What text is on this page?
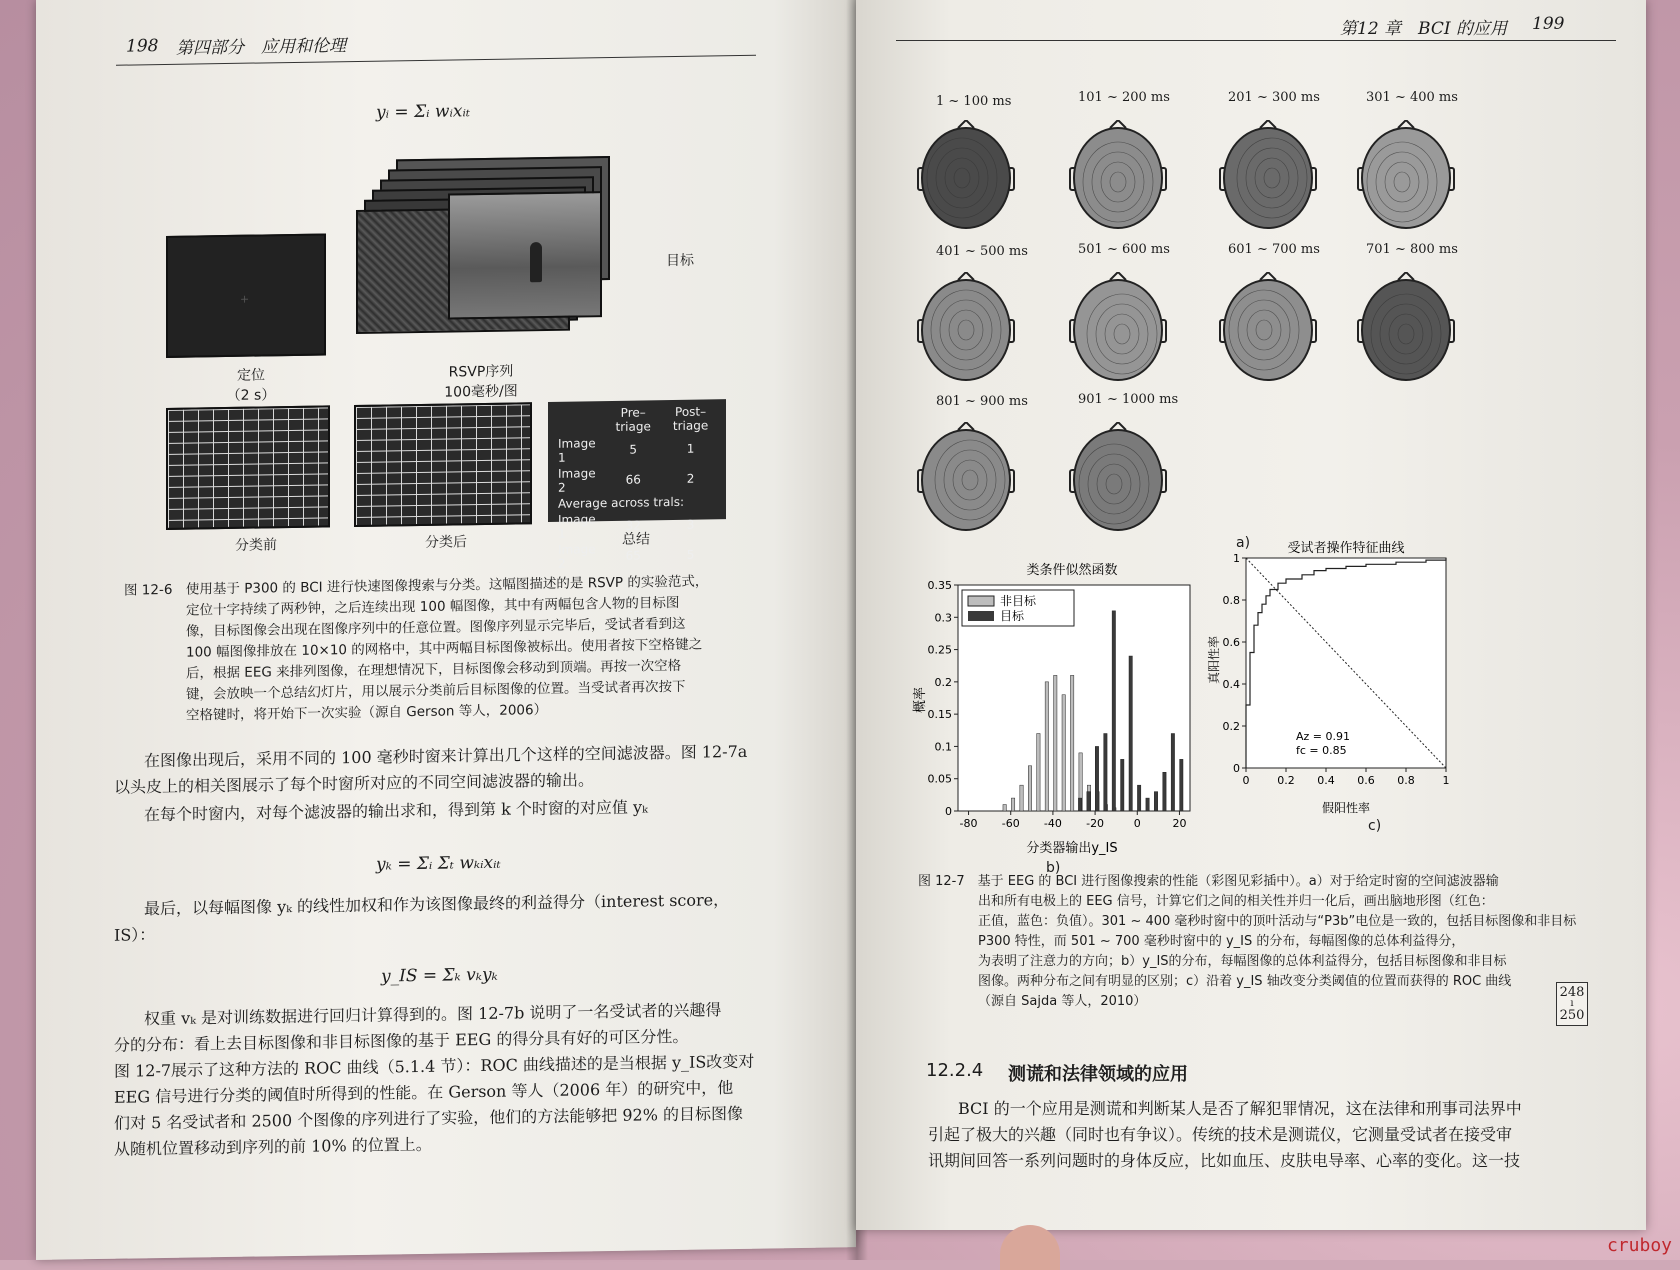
198 第四部分　应用和伦理
yᵢ = Σᵢ wᵢxᵢₜ
+
目标
定位
（2 s）
RSVP序列
100毫秒/图
	Pre–triage	Post–triage
Image 1	5	1
Image 2	66	2
Average across trals:		
Image 1	32	3
Image 2	65	5
分类前	分类后	总结
图 12-6　使用基于 P300 的 BCI 进行快速图像搜索与分类。这幅图描述的是 RSVP 的实验范式，
定位十字持续了两秒钟，之后连续出现 100 幅图像，其中有两幅包含人物的目标图
像，目标图像会出现在图像序列中的任意位置。图像序列显示完毕后，受试者看到这
100 幅图像排放在 10×10 的网格中，其中两幅目标图像被标出。使用者按下空格键之
后，根据 EEG 来排列图像，在理想情况下，目标图像会移动到顶端。再按一次空格
键，会放映一个总结幻灯片，用以展示分类前后目标图像的位置。当受试者再次按下
空格键时，将开始下一次实验（源自 Gerson 等人，2006）
在图像出现后，采用不同的 100 毫秒时窗来计算出几个这样的空间滤波器。图 12-7a
以头皮上的相关图展示了每个时窗所对应的不同空间滤波器的输出。
在每个时窗内，对每个滤波器的输出求和，得到第 k 个时窗的对应值 yₖ
yₖ = Σᵢ Σₜ wₖᵢxᵢₜ
最后，以每幅图像 yₖ 的线性加权和作为该图像最终的利益得分（interest score，
IS）：
y_IS = Σₖ vₖyₖ
权重 vₖ 是对训练数据进行回归计算得到的。图 12-7b 说明了一名受试者的兴趣得
分的分布：看上去目标图像和非目标图像的基于 EEG 的得分具有好的可区分性。
图 12-7展示了这种方法的 ROC 曲线（5.1.4 节）：ROC 曲线描述的是当根据 y_IS改变对
EEG 信号进行分类的阈值时所得到的性能。在 Gerson 等人（2006 年）的研究中，他
们对 5 名受试者和 2500 个图像的序列进行了实验，他们的方法能够把 92% 的目标图像
从随机位置移动到序列的前 10% 的位置上。
第12 章　BCI 的应用 199
1 ~ 100 ms	101 ~ 200 ms	201 ~ 300 ms	301 ~ 400 ms
401 ~ 500 ms	501 ~ 600 ms	601 ~ 700 ms	701 ~ 800 ms
801 ~ 900 ms	901 ~ 1000 ms
a)
类条件似然函数
0
0.05
0.1
0.15
0.2
0.25
0.3
0.35
-80 -60 -40 -20	0	20
非目标
目标
概率
分类器输出y_IS
b)
受试者操作特征曲线
0
0.2
0.4
0.6
0.8
1
0	0.2 0.4 0.6 0.8	1
Az = 0.91
fc = 0.85
真阳性率
假阳性率
c)
图 12-7　基于 EEG 的 BCI 进行图像搜索的性能（彩图见彩插中）。a）对于给定时窗的空间滤波器输
出和所有电极上的 EEG 信号，计算它们之间的相关性并归一化后，画出脑地形图（红色：
正值，蓝色：负值）。301 ~ 400 毫秒时窗中的顶叶活动与“P3b”电位是一致的，包括目标图像和非目标
P300 特性，而 501 ~ 700 毫秒时窗中的 y_IS 的分布，每幅图像的总体利益得分，
为表明了注意力的方向；b）y_IS的分布，每幅图像的总体利益得分，包括目标图像和非目标
图像。两种分布之间有明显的区别；c）沿着 y_IS 轴改变分类阈值的位置而获得的 ROC 曲线
（源自 Sajda 等人，2010）
248
ı
250
12.2.4 测谎和法律领域的应用
BCI 的一个应用是测谎和判断某人是否了解犯罪情况，这在法律和刑事司法界中
引起了极大的兴趣（同时也有争议）。传统的技术是测谎仪，它测量受试者在接受审
讯期间回答一系列问题时的身体反应，比如血压、皮肤电导率、心率的变化。这一技
cruboy
